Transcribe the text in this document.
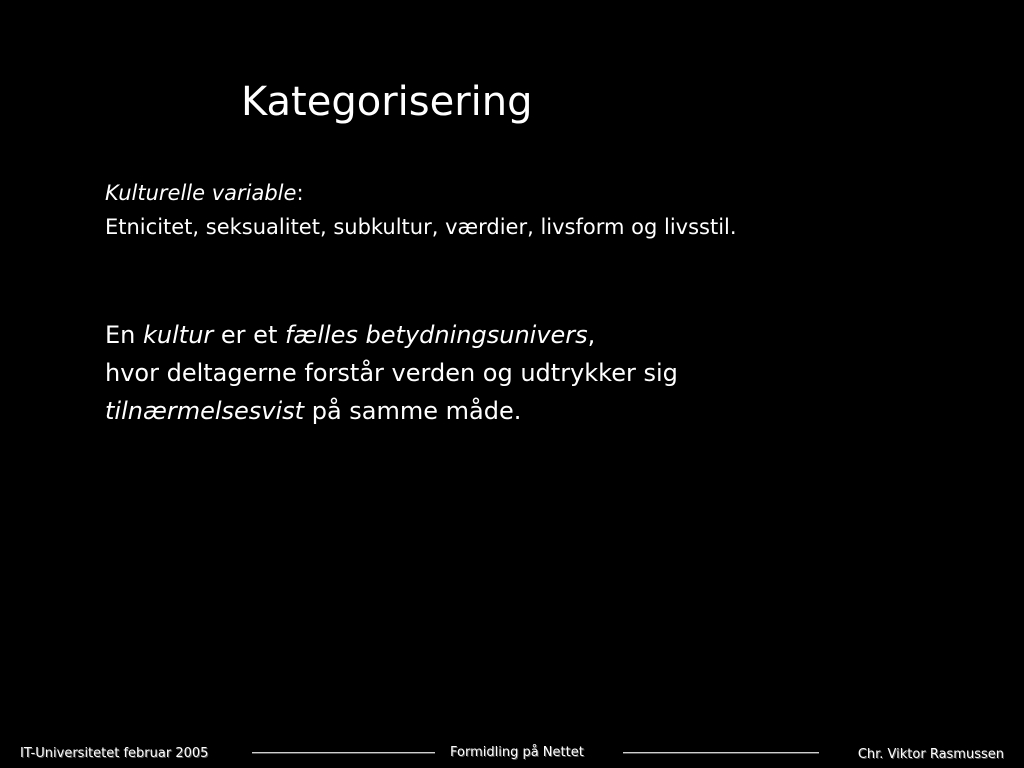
Kategorisering
Kulturelle variable:
Etnicitet, seksualitet, subkultur, værdier, livsform og livsstil.
En kultur er et fælles betydningsunivers,
hvor deltagerne forstår verden og udtrykker sig
tilnærmelsesvist på samme måde.
IT-Universitetet februar 2005	Formidling på Nettet	Chr. Viktor Rasmussen
